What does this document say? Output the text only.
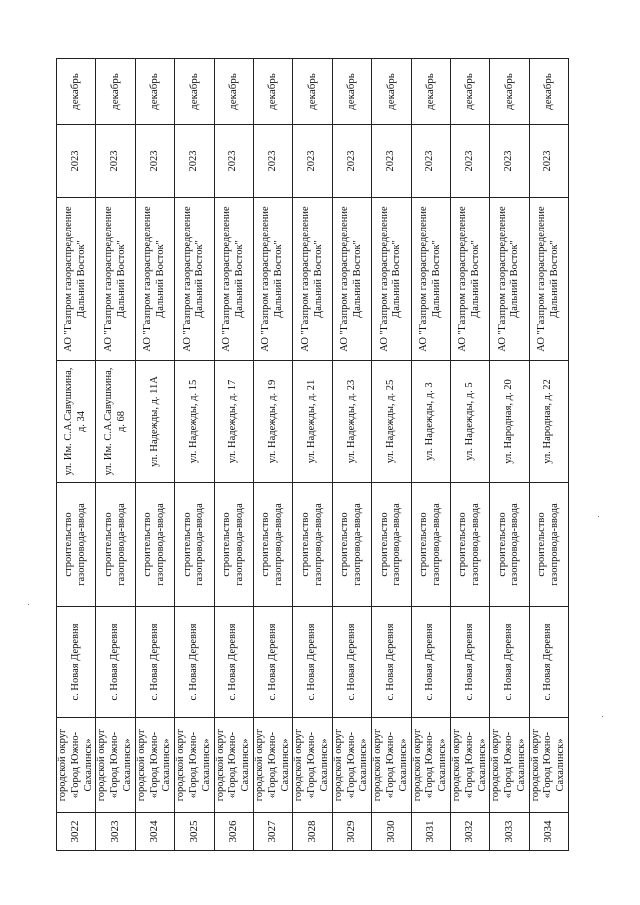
3022	городской округ «Город Южно-Сахалинск»	с. Новая Деревня	строительство газопровода-ввода	ул. Им. С.А.Савушкина, д. 34	АО "Газпром газораспределение Дальний Восток"	2023	декабрь
3023	городской округ «Город Южно-Сахалинск»	с. Новая Деревня	строительство газопровода-ввода	ул. Им. С.А.Савушкина, д. 68	АО "Газпром газораспределение Дальний Восток"	2023	декабрь
3024	городской округ «Город Южно-Сахалинск»	с. Новая Деревня	строительство газопровода-ввода	ул. Надежды, д. 11А	АО "Газпром газораспределение Дальний Восток"	2023	декабрь
3025	городской округ «Город Южно-Сахалинск»	с. Новая Деревня	строительство газопровода-ввода	ул. Надежды, д. 15	АО "Газпром газораспределение Дальний Восток"	2023	декабрь
3026	городской округ «Город Южно-Сахалинск»	с. Новая Деревня	строительство газопровода-ввода	ул. Надежды, д. 17	АО "Газпром газораспределение Дальний Восток"	2023	декабрь
3027	городской округ «Город Южно-Сахалинск»	с. Новая Деревня	строительство газопровода-ввода	ул. Надежды, д. 19	АО "Газпром газораспределение Дальний Восток"	2023	декабрь
3028	городской округ «Город Южно-Сахалинск»	с. Новая Деревня	строительство газопровода-ввода	ул. Надежды, д. 21	АО "Газпром газораспределение Дальний Восток"	2023	декабрь
3029	городской округ «Город Южно-Сахалинск»	с. Новая Деревня	строительство газопровода-ввода	ул. Надежды, д. 23	АО "Газпром газораспределение Дальний Восток"	2023	декабрь
3030	городской округ «Город Южно-Сахалинск»	с. Новая Деревня	строительство газопровода-ввода	ул. Надежды, д. 25	АО "Газпром газораспределение Дальний Восток"	2023	декабрь
3031	городской округ «Город Южно-Сахалинск»	с. Новая Деревня	строительство газопровода-ввода	ул. Надежды, д. 3	АО "Газпром газораспределение Дальний Восток"	2023	декабрь
3032	городской округ «Город Южно-Сахалинск»	с. Новая Деревня	строительство газопровода-ввода	ул. Надежды, д. 5	АО "Газпром газораспределение Дальний Восток"	2023	декабрь
3033	городской округ «Город Южно-Сахалинск»	с. Новая Деревня	строительство газопровода-ввода	ул. Народная, д. 20	АО "Газпром газораспределение Дальний Восток"	2023	декабрь
3034	городской округ «Город Южно-Сахалинск»	с. Новая Деревня	строительство газопровода-ввода	ул. Народная, д. 22	АО "Газпром газораспределение Дальний Восток"	2023	декабрь
